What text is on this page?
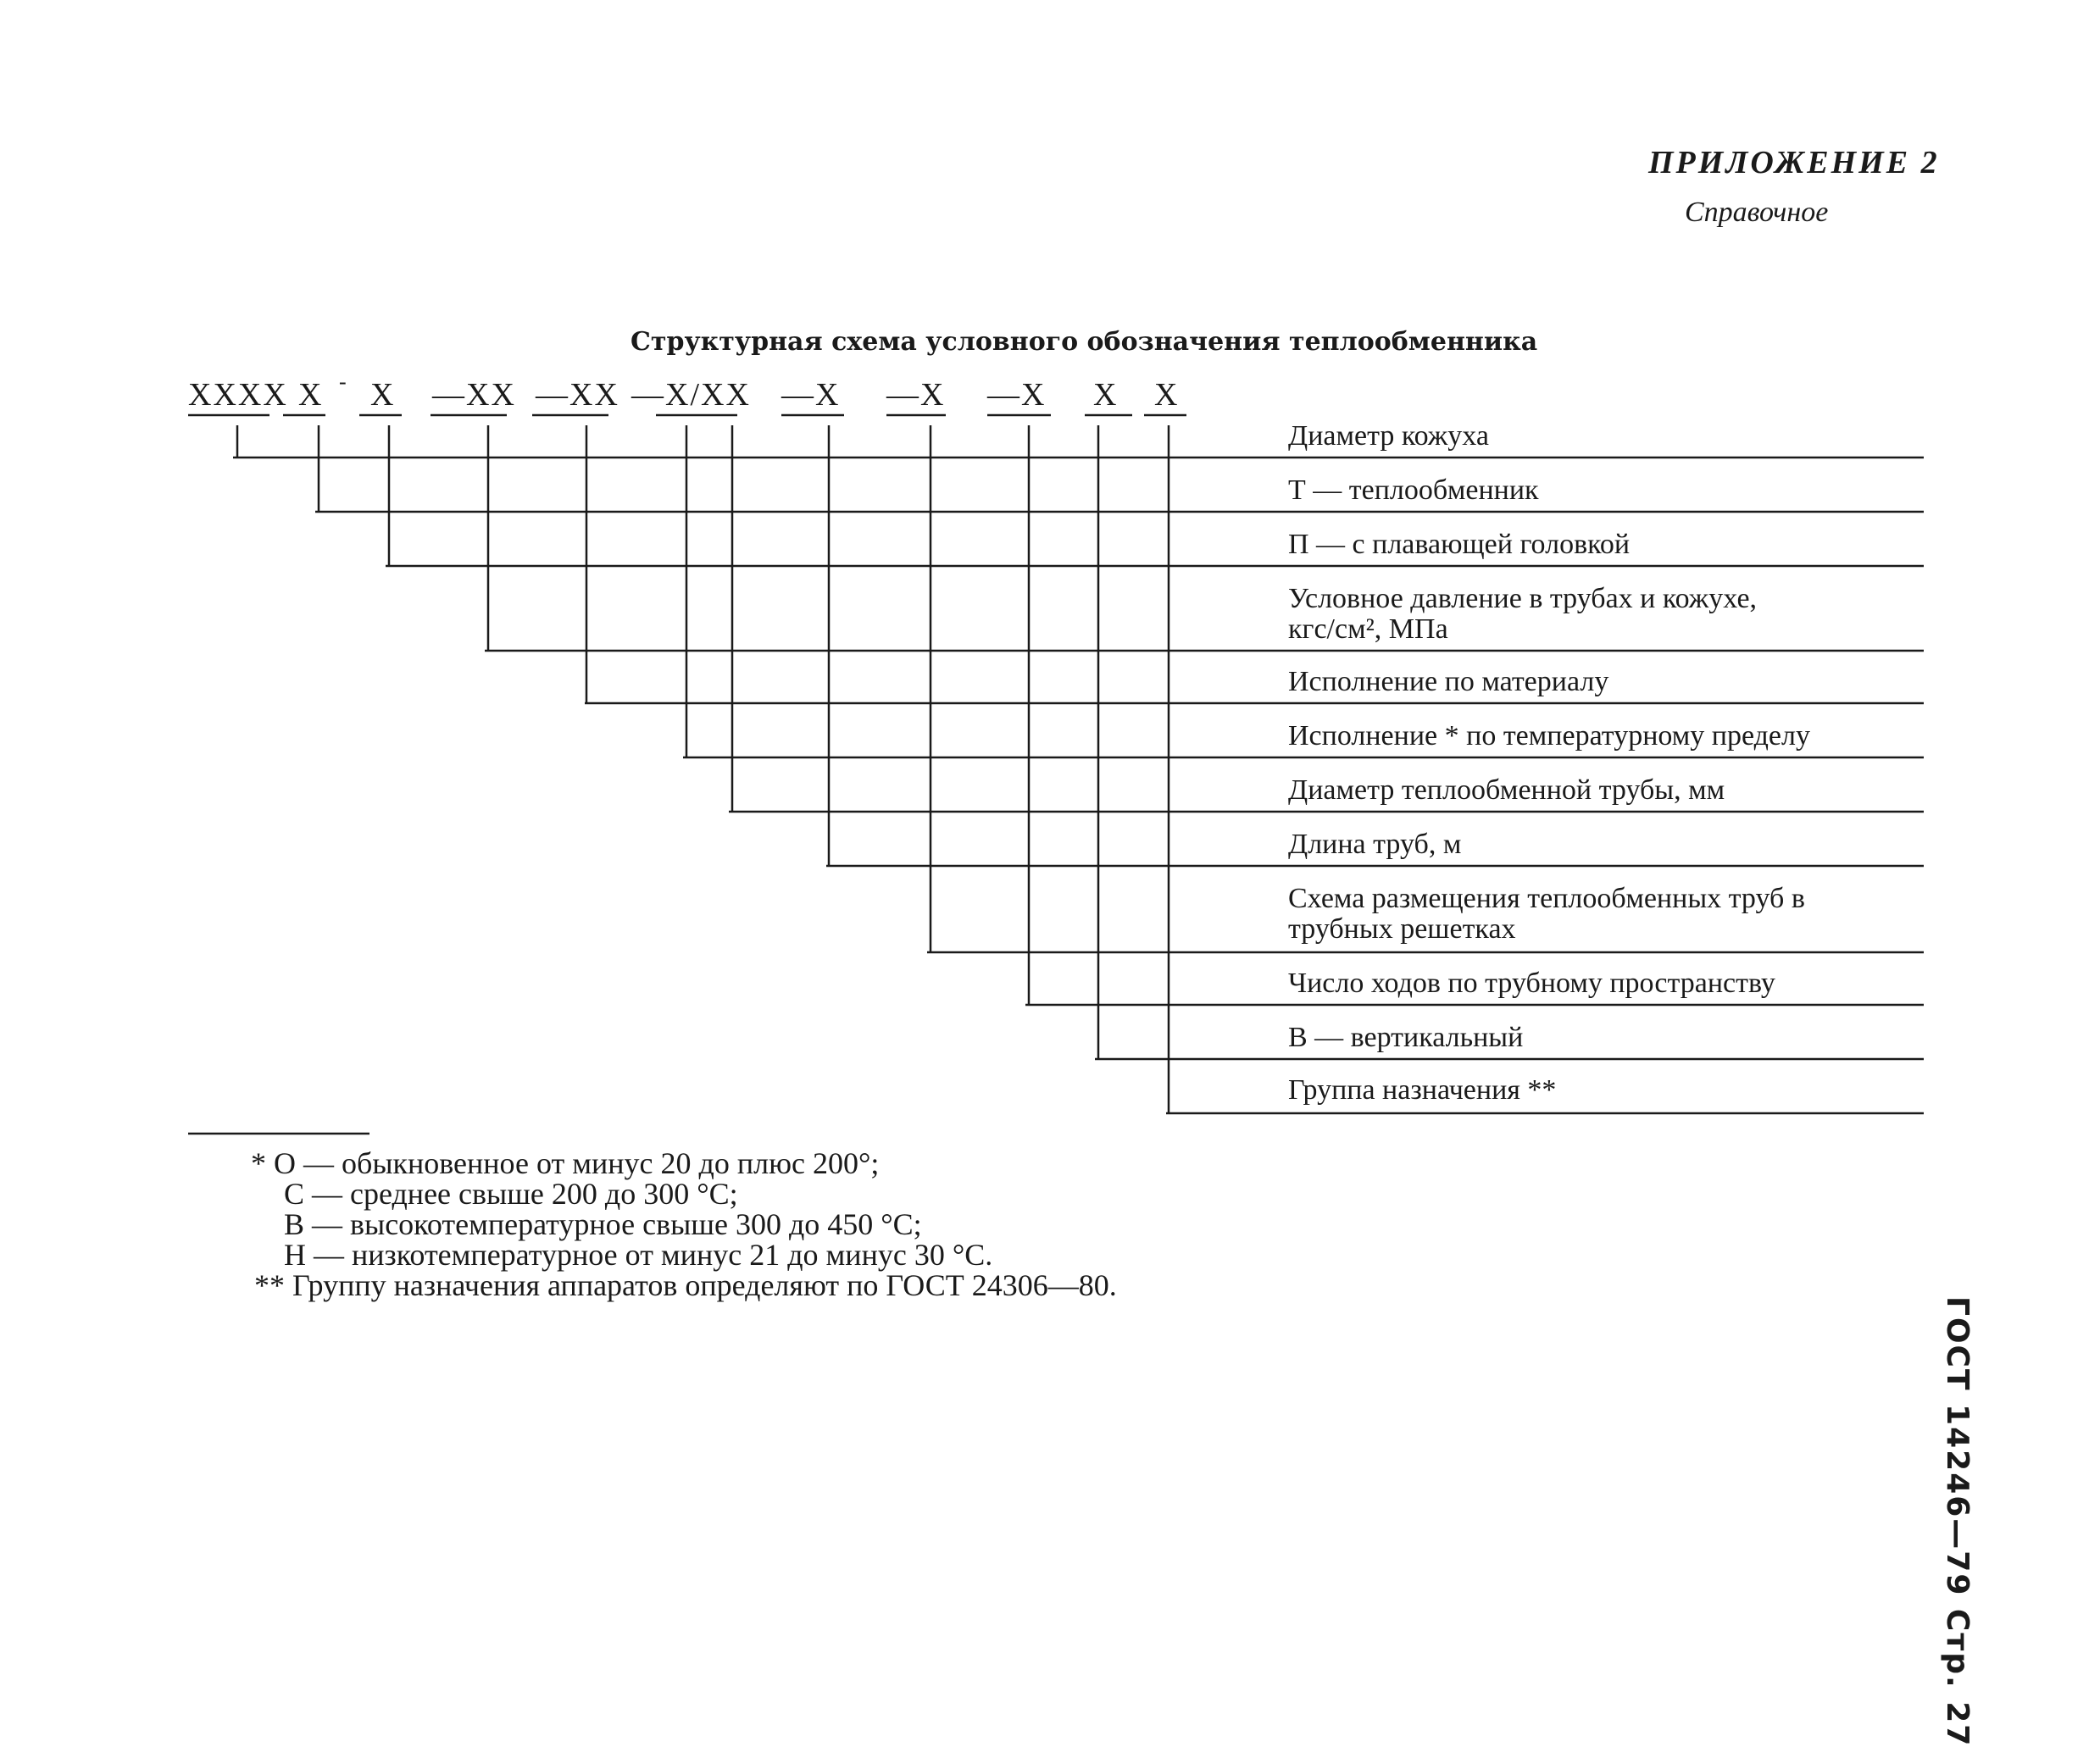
ПРИЛОЖЕНИЕ 2
Справочное
Структурная схема условного обозначения теплообменника
XXXX X - X —XX —XX —X/XX —X —X —X X X
Диаметр кожуха
Т — теплообменник
П — с плавающей головкой
Условное давление в трубах и кожухе,
кгс/см², МПа
Исполнение по материалу
Исполнение * по температурному пределу
Диаметр теплообменной трубы, мм
Длина труб, м
Схема размещения теплообменных труб в
трубных решетках
Число ходов по трубному пространству
В — вертикальный
Группа назначения **
* О — обыкновенное от минус 20 до плюс 200°;
С — среднее свыше 200 до 300 °С;
В — высокотемпературное свыше 300 до 450 °С;
Н — низкотемпературное от минус 21 до минус 30 °С.
** Группу назначения аппаратов определяют по ГОСТ 24306—80.
ГОСТ 14246—79 Стр. 27
